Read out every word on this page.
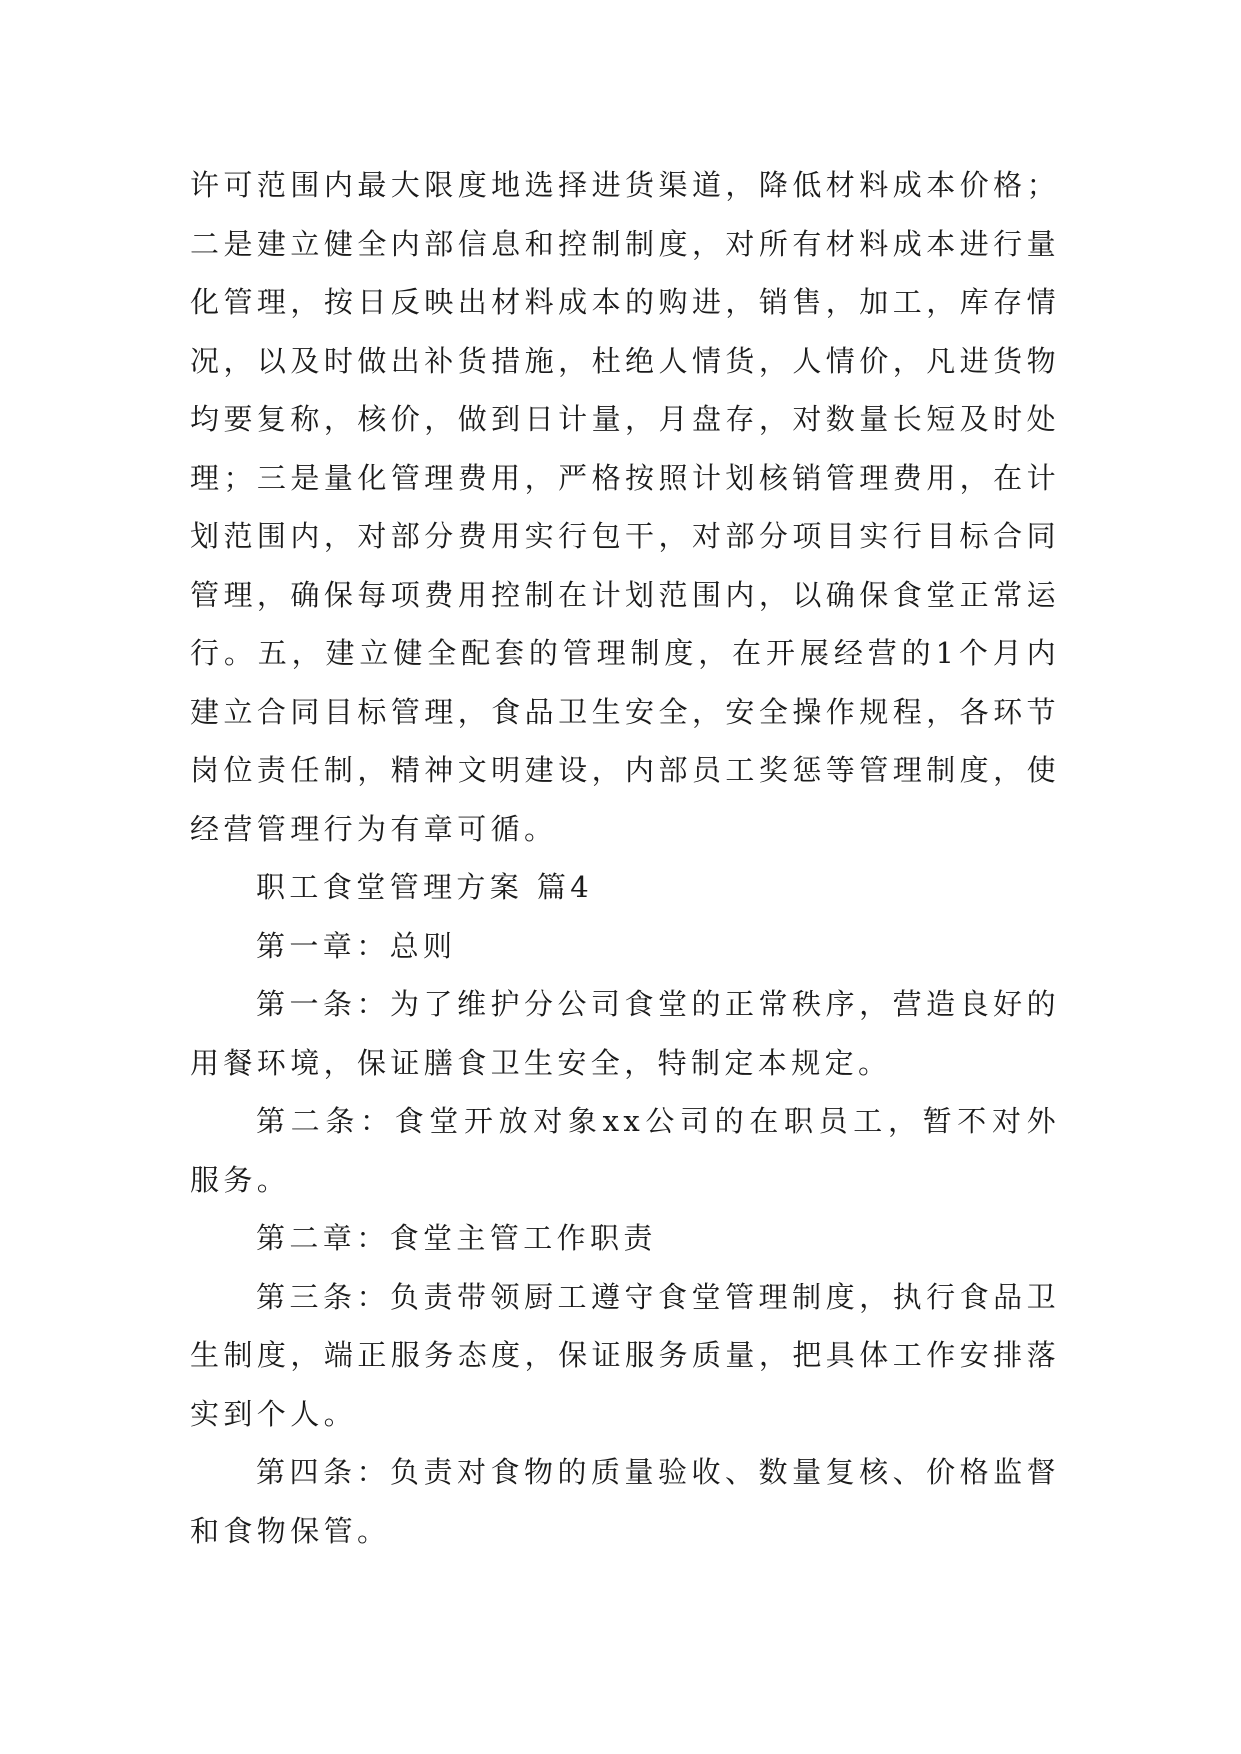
许可范围内最大限度地选择进货渠道，降低材料成本价格；二是建立健全内部信息和控制制度，对所有材料成本进行量化管理，按日反映出材料成本的购进，销售，加工，库存情况，以及时做出补货措施，杜绝人情货，人情价，凡进货物均要复称，核价，做到日计量，月盘存，对数量长短及时处理；三是量化管理费用，严格按照计划核销管理费用，在计划范围内，对部分费用实行包干，对部分项目实行目标合同管理，确保每项费用控制在计划范围内，以确保食堂正常运行。五，建立健全配套的管理制度，在开展经营的1个月内建立合同目标管理，食品卫生安全，安全操作规程，各环节岗位责任制，精神文明建设，内部员工奖惩等管理制度，使经营管理行为有章可循。

职工食堂管理方案 篇4

第一章：总则

第一条：为了维护分公司食堂的正常秩序，营造良好的用餐环境，保证膳食卫生安全，特制定本规定。

第二条：食堂开放对象xx公司的在职员工，暂不对外服务。

第二章：食堂主管工作职责

第三条：负责带领厨工遵守食堂管理制度，执行食品卫生制度，端正服务态度，保证服务质量，把具体工作安排落实到个人。

第四条：负责对食物的质量验收、数量复核、价格监督和食物保管。
